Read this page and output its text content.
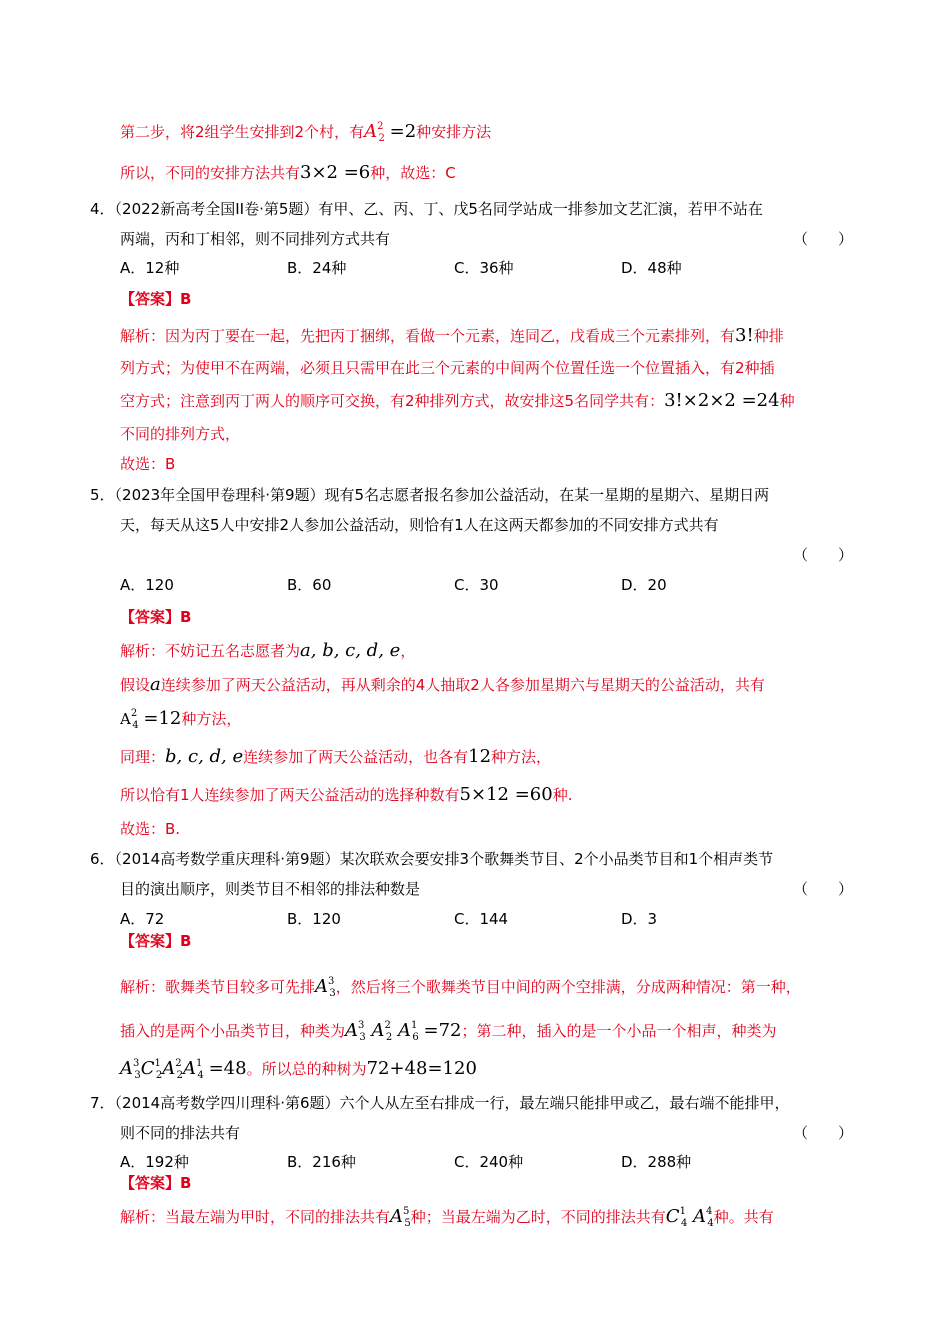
第二步，将2组学生安排到2个村，有$A^2_2 =2$种安排方法
所以，不同的安排方法共有3×2 =6种，故选：C
4．（2022新高考全国II卷·第5题）有甲、乙、丙、丁、戊5名同学站成一排参加文艺汇演，若甲不站在
两端，丙和丁相邻，则不同排列方式共有	（　　）
A．12种	B．24种	C．36种	D．48种
【答案】B
解析：因为丙丁要在一起，先把丙丁捆绑，看做一个元素，连同乙，戊看成三个元素排列，有3!种排
列方式；为使甲不在两端，必须且只需甲在此三个元素的中间两个位置任选一个位置插入，有2种插
空方式；注意到丙丁两人的顺序可交换，有2种排列方式，故安排这5名同学共有：3!×2×2 =24种
不同的排列方式，
故选：B
5．（2023年全国甲卷理科·第9题）现有5名志愿者报名参加公益活动，在某一星期的星期六、星期日两
天，每天从这5人中安排2人参加公益活动，则恰有1人在这两天都参加的不同安排方式共有
（　　）
A．120	B．60	C．30	D．20
【答案】B
解析：不妨记五名志愿者为a, b, c, d, e，
假设a连续参加了两天公益活动，再从剩余的4人抽取2人各参加星期六与星期天的公益活动，共有
$A^2_4 =12$种方法，
同理：b, c, d, e连续参加了两天公益活动，也各有12种方法，
所以恰有1人连续参加了两天公益活动的选择种数有5×12 =60种.
故选：B.
6．（2014高考数学重庆理科·第9题）某次联欢会要安排3个歌舞类节目、2个小品类节目和1个相声类节
目的演出顺序，则类节目不相邻的排法种数是	（　　）
A．72	B．120	C．144	D．3
【答案】B
解析：歌舞类节目较多可先排$A^3_3$，然后将三个歌舞类节目中间的两个空排满，分成两种情况：第一种，
插入的是两个小品类节目，种类为$A^3_3$ $A^2_2$ $A^1_6 =72$；第二种，插入的是一个小品一个相声，种类为
$A^3_3C^1_2A^2_2A^1_4 =48$。所以总的种树为72+48=120
7．（2014高考数学四川理科·第6题）六个人从左至右排成一行，最左端只能排甲或乙，最右端不能排甲，
则不同的排法共有	（　　）
A．192种	B．216种	C．240种	D．288种
【答案】B
解析：当最左端为甲时，不同的排法共有$A^5_5$种；当最左端为乙时，不同的排法共有$C^1_4$ $A^4_4$种。共有
